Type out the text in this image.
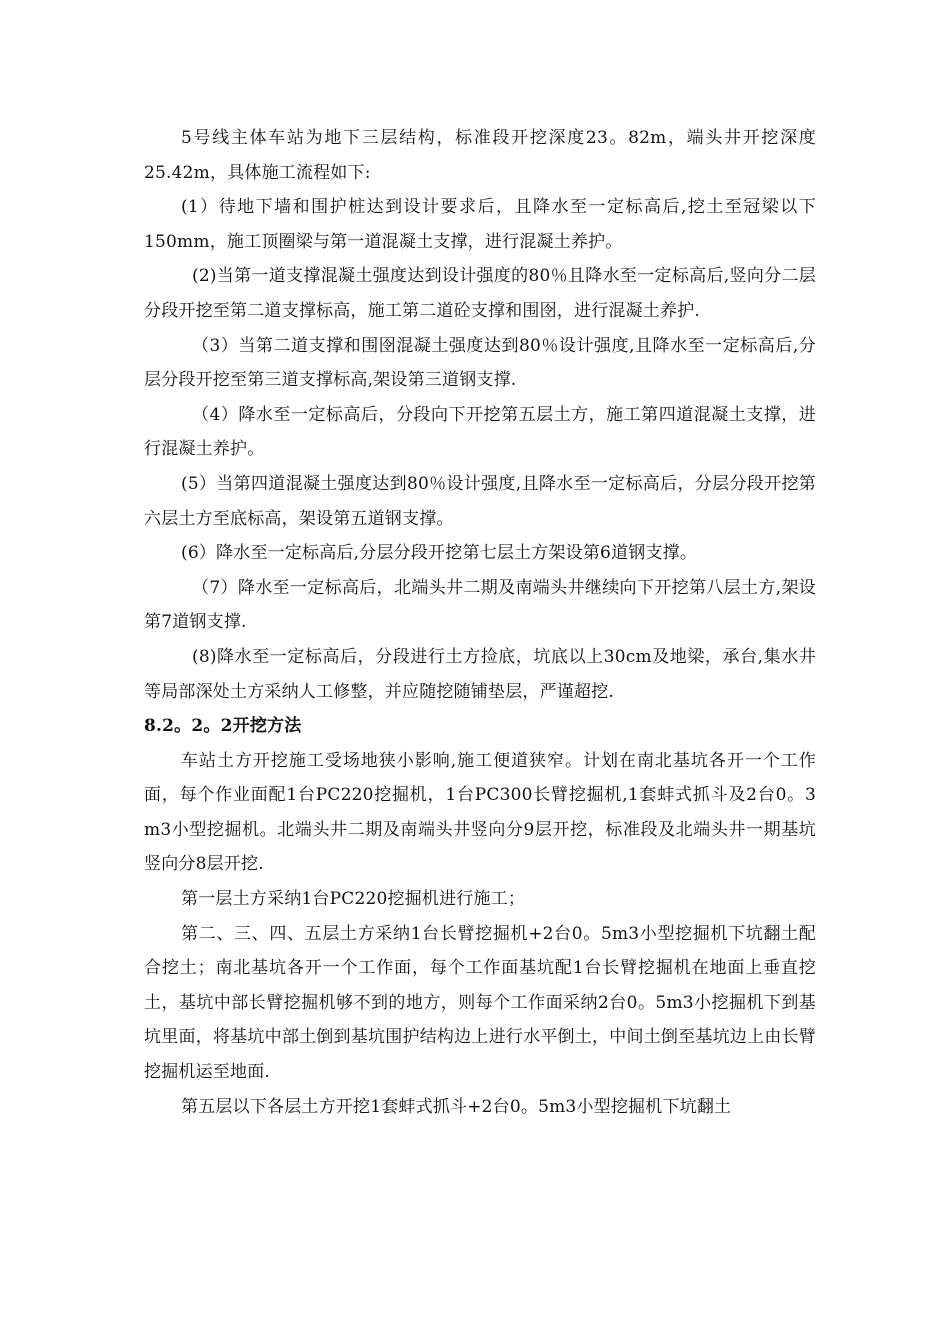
5号线主体车站为地下三层结构，标准段开挖深度23。82m，端头井开挖深度25.42m，具体施工流程如下:

(1）待地下墙和围护桩达到设计要求后，且降水至一定标高后,挖土至冠梁以下150mm，施工顶圈梁与第一道混凝土支撑，进行混凝土养护。

(2)当第一道支撑混凝土强度达到设计强度的80％且降水至一定标高后,竖向分二层分段开挖至第二道支撑标高，施工第二道砼支撑和围囹，进行混凝土养护.

（3）当第二道支撑和围囹混凝土强度达到80％设计强度,且降水至一定标高后,分层分段开挖至第三道支撑标高,架设第三道钢支撑.

（4）降水至一定标高后，分段向下开挖第五层土方，施工第四道混凝土支撑，进行混凝土养护。

(5）当第四道混凝土强度达到80％设计强度,且降水至一定标高后，分层分段开挖第六层土方至底标高，架设第五道钢支撑。

(6）降水至一定标高后,分层分段开挖第七层土方架设第6道钢支撑。

（7）降水至一定标高后，北端头井二期及南端头井继续向下开挖第八层土方,架设第7道钢支撑.

(8)降水至一定标高后，分段进行土方捡底，坑底以上30cm及地梁，承台,集水井等局部深处土方采纳人工修整，并应随挖随铺垫层，严谨超挖.

8.2。2。2开挖方法

车站土方开挖施工受场地狭小影响,施工便道狭窄。计划在南北基坑各开一个工作面，每个作业面配1台PC220挖掘机，1台PC300长臂挖掘机,1套蚌式抓斗及2台0。3 m3小型挖掘机。北端头井二期及南端头井竖向分9层开挖，标准段及北端头井一期基坑竖向分8层开挖.

第一层土方采纳1台PC220挖掘机进行施工；

第二、三、四、五层土方采纳1台长臂挖掘机+2台0。5m3小型挖掘机下坑翻土配合挖土；南北基坑各开一个工作面，每个工作面基坑配1台长臂挖掘机在地面上垂直挖土，基坑中部长臂挖掘机够不到的地方，则每个工作面采纳2台0。5m3小挖掘机下到基坑里面，将基坑中部土倒到基坑围护结构边上进行水平倒土，中间土倒至基坑边上由长臂挖掘机运至地面.

第五层以下各层土方开挖1套蚌式抓斗+2台0。5m3小型挖掘机下坑翻土
